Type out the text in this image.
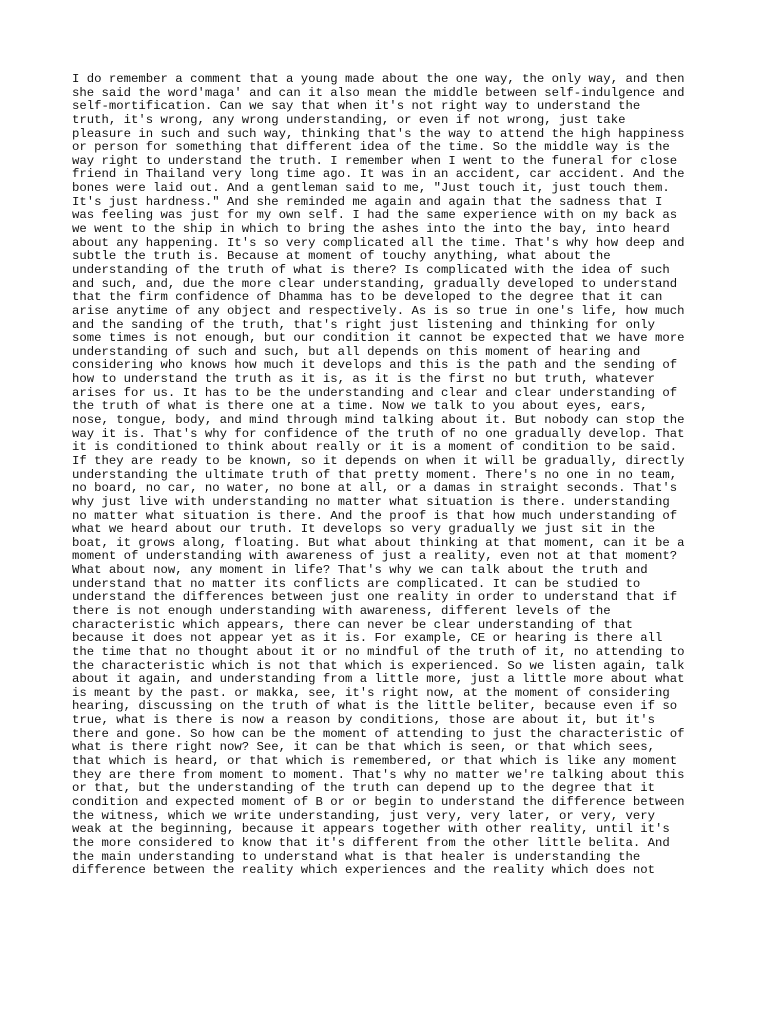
I do remember a comment that a young made about the one way, the only way, and then
she said the word'maga' and can it also mean the middle between self-indulgence and
self-mortification. Can we say that when it's not right way to understand the
truth, it's wrong, any wrong understanding, or even if not wrong, just take
pleasure in such and such way, thinking that's the way to attend the high happiness
or person for something that different idea of the time. So the middle way is the
way right to understand the truth. I remember when I went to the funeral for close
friend in Thailand very long time ago. It was in an accident, car accident. And the
bones were laid out. And a gentleman said to me, "Just touch it, just touch them.
It's just hardness." And she reminded me again and again that the sadness that I
was feeling was just for my own self. I had the same experience with on my back as
we went to the ship in which to bring the ashes into the into the bay, into heard
about any happening. It's so very complicated all the time. That's why how deep and
subtle the truth is. Because at moment of touchy anything, what about the
understanding of the truth of what is there? Is complicated with the idea of such
and such, and, due the more clear understanding, gradually developed to understand
that the firm confidence of Dhamma has to be developed to the degree that it can
arise anytime of any object and respectively. As is so true in one's life, how much
and the sanding of the truth, that's right just listening and thinking for only
some times is not enough, but our condition it cannot be expected that we have more
understanding of such and such, but all depends on this moment of hearing and
considering who knows how much it develops and this is the path and the sending of
how to understand the truth as it is, as it is the first no but truth, whatever
arises for us. It has to be the understanding and clear and clear understanding of
the truth of what is there one at a time. Now we talk to you about eyes, ears,
nose, tongue, body, and mind through mind talking about it. But nobody can stop the
way it is. That's why for confidence of the truth of no one gradually develop. That
it is conditioned to think about really or it is a moment of condition to be said.
If they are ready to be known, so it depends on when it will be gradually, directly
understanding the ultimate truth of that pretty moment. There's no one in no team,
no board, no car, no water, no bone at all, or a damas in straight seconds. That's
why just live with understanding no matter what situation is there. understanding
no matter what situation is there. And the proof is that how much understanding of
what we heard about our truth. It develops so very gradually we just sit in the
boat, it grows along, floating. But what about thinking at that moment, can it be a
moment of understanding with awareness of just a reality, even not at that moment?
What about now, any moment in life? That's why we can talk about the truth and
understand that no matter its conflicts are complicated. It can be studied to
understand the differences between just one reality in order to understand that if
there is not enough understanding with awareness, different levels of the
characteristic which appears, there can never be clear understanding of that
because it does not appear yet as it is. For example, CE or hearing is there all
the time that no thought about it or no mindful of the truth of it, no attending to
the characteristic which is not that which is experienced. So we listen again, talk
about it again, and understanding from a little more, just a little more about what
is meant by the past. or makka, see, it's right now, at the moment of considering
hearing, discussing on the truth of what is the little beliter, because even if so
true, what is there is now a reason by conditions, those are about it, but it's
there and gone. So how can be the moment of attending to just the characteristic of
what is there right now? See, it can be that which is seen, or that which sees,
that which is heard, or that which is remembered, or that which is like any moment
they are there from moment to moment. That's why no matter we're talking about this
or that, but the understanding of the truth can depend up to the degree that it
condition and expected moment of B or or begin to understand the difference between
the witness, which we write understanding, just very, very later, or very, very
weak at the beginning, because it appears together with other reality, until it's
the more considered to know that it's different from the other little belita. And
the main understanding to understand what is that healer is understanding the
difference between the reality which experiences and the reality which does not
